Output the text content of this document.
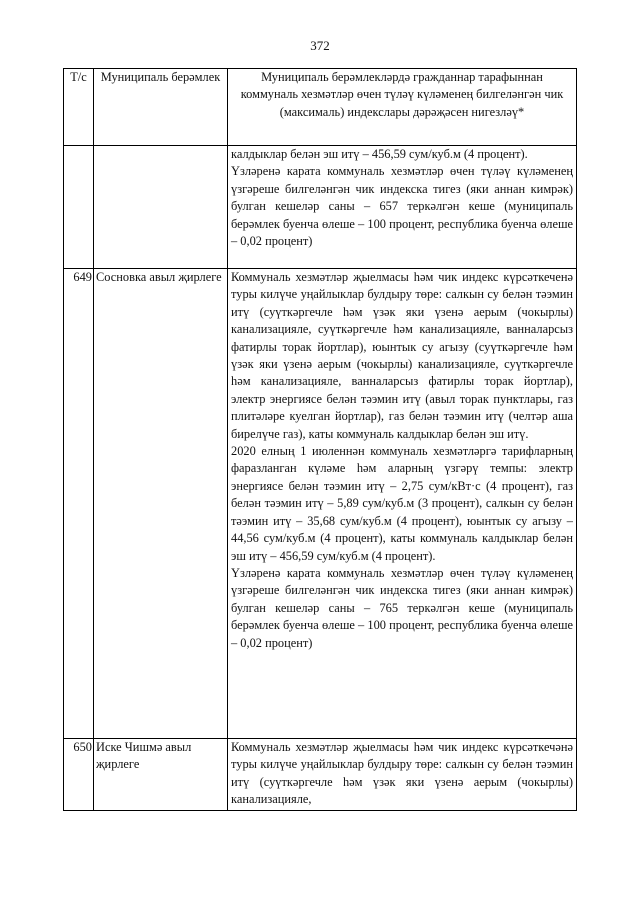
372
Т/с	Муниципаль берәмлек	Муниципаль берәмлекләрдә гражданнар тарафыннан коммуналь хезмәтләр өчен түләү күләменең билгеләнгән чик (максималь) индекслары дәрәҗәсен нигезләү*

		калдыклар белән эш итү – 456,59 сум/куб.м (4 процент).

Үзләренә карата коммуналь хезмәтләр өчен түләү күләменең үзгәреше билгеләнгән чик индекска тигез (яки аннан кимрәк) булган кешеләр саны – 657 теркәлгән кеше (муниципаль берәмлек буенча өлеше – 100 процент, республика буенча өлеше – 0,02 процент)

649	Сосновка авыл җирлеге	Коммуналь хезмәтләр җыелмасы һәм чик индекс күрсәткеченә туры килүче уңайлыклар булдыру төре: салкын су белән тәэмин итү (суүткәргечле һәм үзәк яки үзенә аерым (чокырлы) канализацияле, суүткәргечле һәм канализацияле, ванналарсыз фатирлы торак йортлар), юынтык су агызу (суүткәргечле һәм үзәк яки үзенә аерым (чокырлы) канализацияле, суүткәргечле һәм канализацияле, ванналарсыз фатирлы торак йортлар), электр энергиясе белән тәэмин итү (авыл торак пунктлары, газ плитәләре куелган йортлар), газ белән тәэмин итү (челтәр аша бирелүче газ), каты коммуналь калдыклар белән эш итү.

2020 елның 1 июленнән коммуналь хезмәтләргә тарифларның фаразланган күләме һәм аларның үзгәрү темпы: электр энергиясе белән тәэмин итү – 2,75 сум/кВт·с (4 процент), газ белән тәэмин итү – 5,89 сум/куб.м (3 процент), салкын су белән тәэмин итү – 35,68 сум/куб.м (4 процент), юынтык су агызу – 44,56 сум/куб.м (4 процент), каты коммуналь калдыклар белән эш итү – 456,59 сум/куб.м (4 процент).

Үзләренә карата коммуналь хезмәтләр өчен түләү күләменең үзгәреше билгеләнгән чик индекска тигез (яки аннан кимрәк) булган кешеләр саны – 765 теркәлгән кеше (муниципаль берәмлек буенча өлеше – 100 процент, республика буенча өлеше – 0,02 процент)

650	Иске Чишмә авыл җирлеге	Коммуналь хезмәтләр җыелмасы һәм чик индекс күрсәткечәнә туры килүче уңайлыклар булдыру төре: салкын су белән тәэмин итү (суүткәргечле һәм үзәк яки үзенә аерым (чокырлы) канализацияле,
